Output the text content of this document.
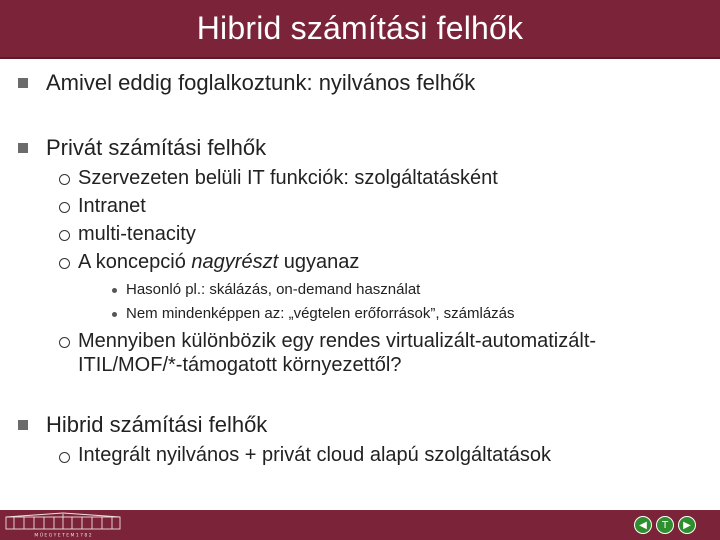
Hibrid számítási felhők
Amivel eddig foglalkoztunk: nyilvános felhők
Privát számítási felhők
Szervezeten belüli IT funkciók: szolgáltatásként
Intranet
multi-tenacity
A koncepció nagyrészt ugyanaz
Hasonló pl.: skálázás, on-demand használat
Nem mindenképpen az: „végtelen erőforrások”, számlázás
Mennyiben különbözik egy rendes virtualizált-automatizált-
ITIL/MOF/*-támogatott környezettől?
Hibrid számítási felhők
Integrált nyilvános + privát cloud alapú szolgáltatások
M Ű E G Y E T E M 1 7 8 2
◀	T	▶
